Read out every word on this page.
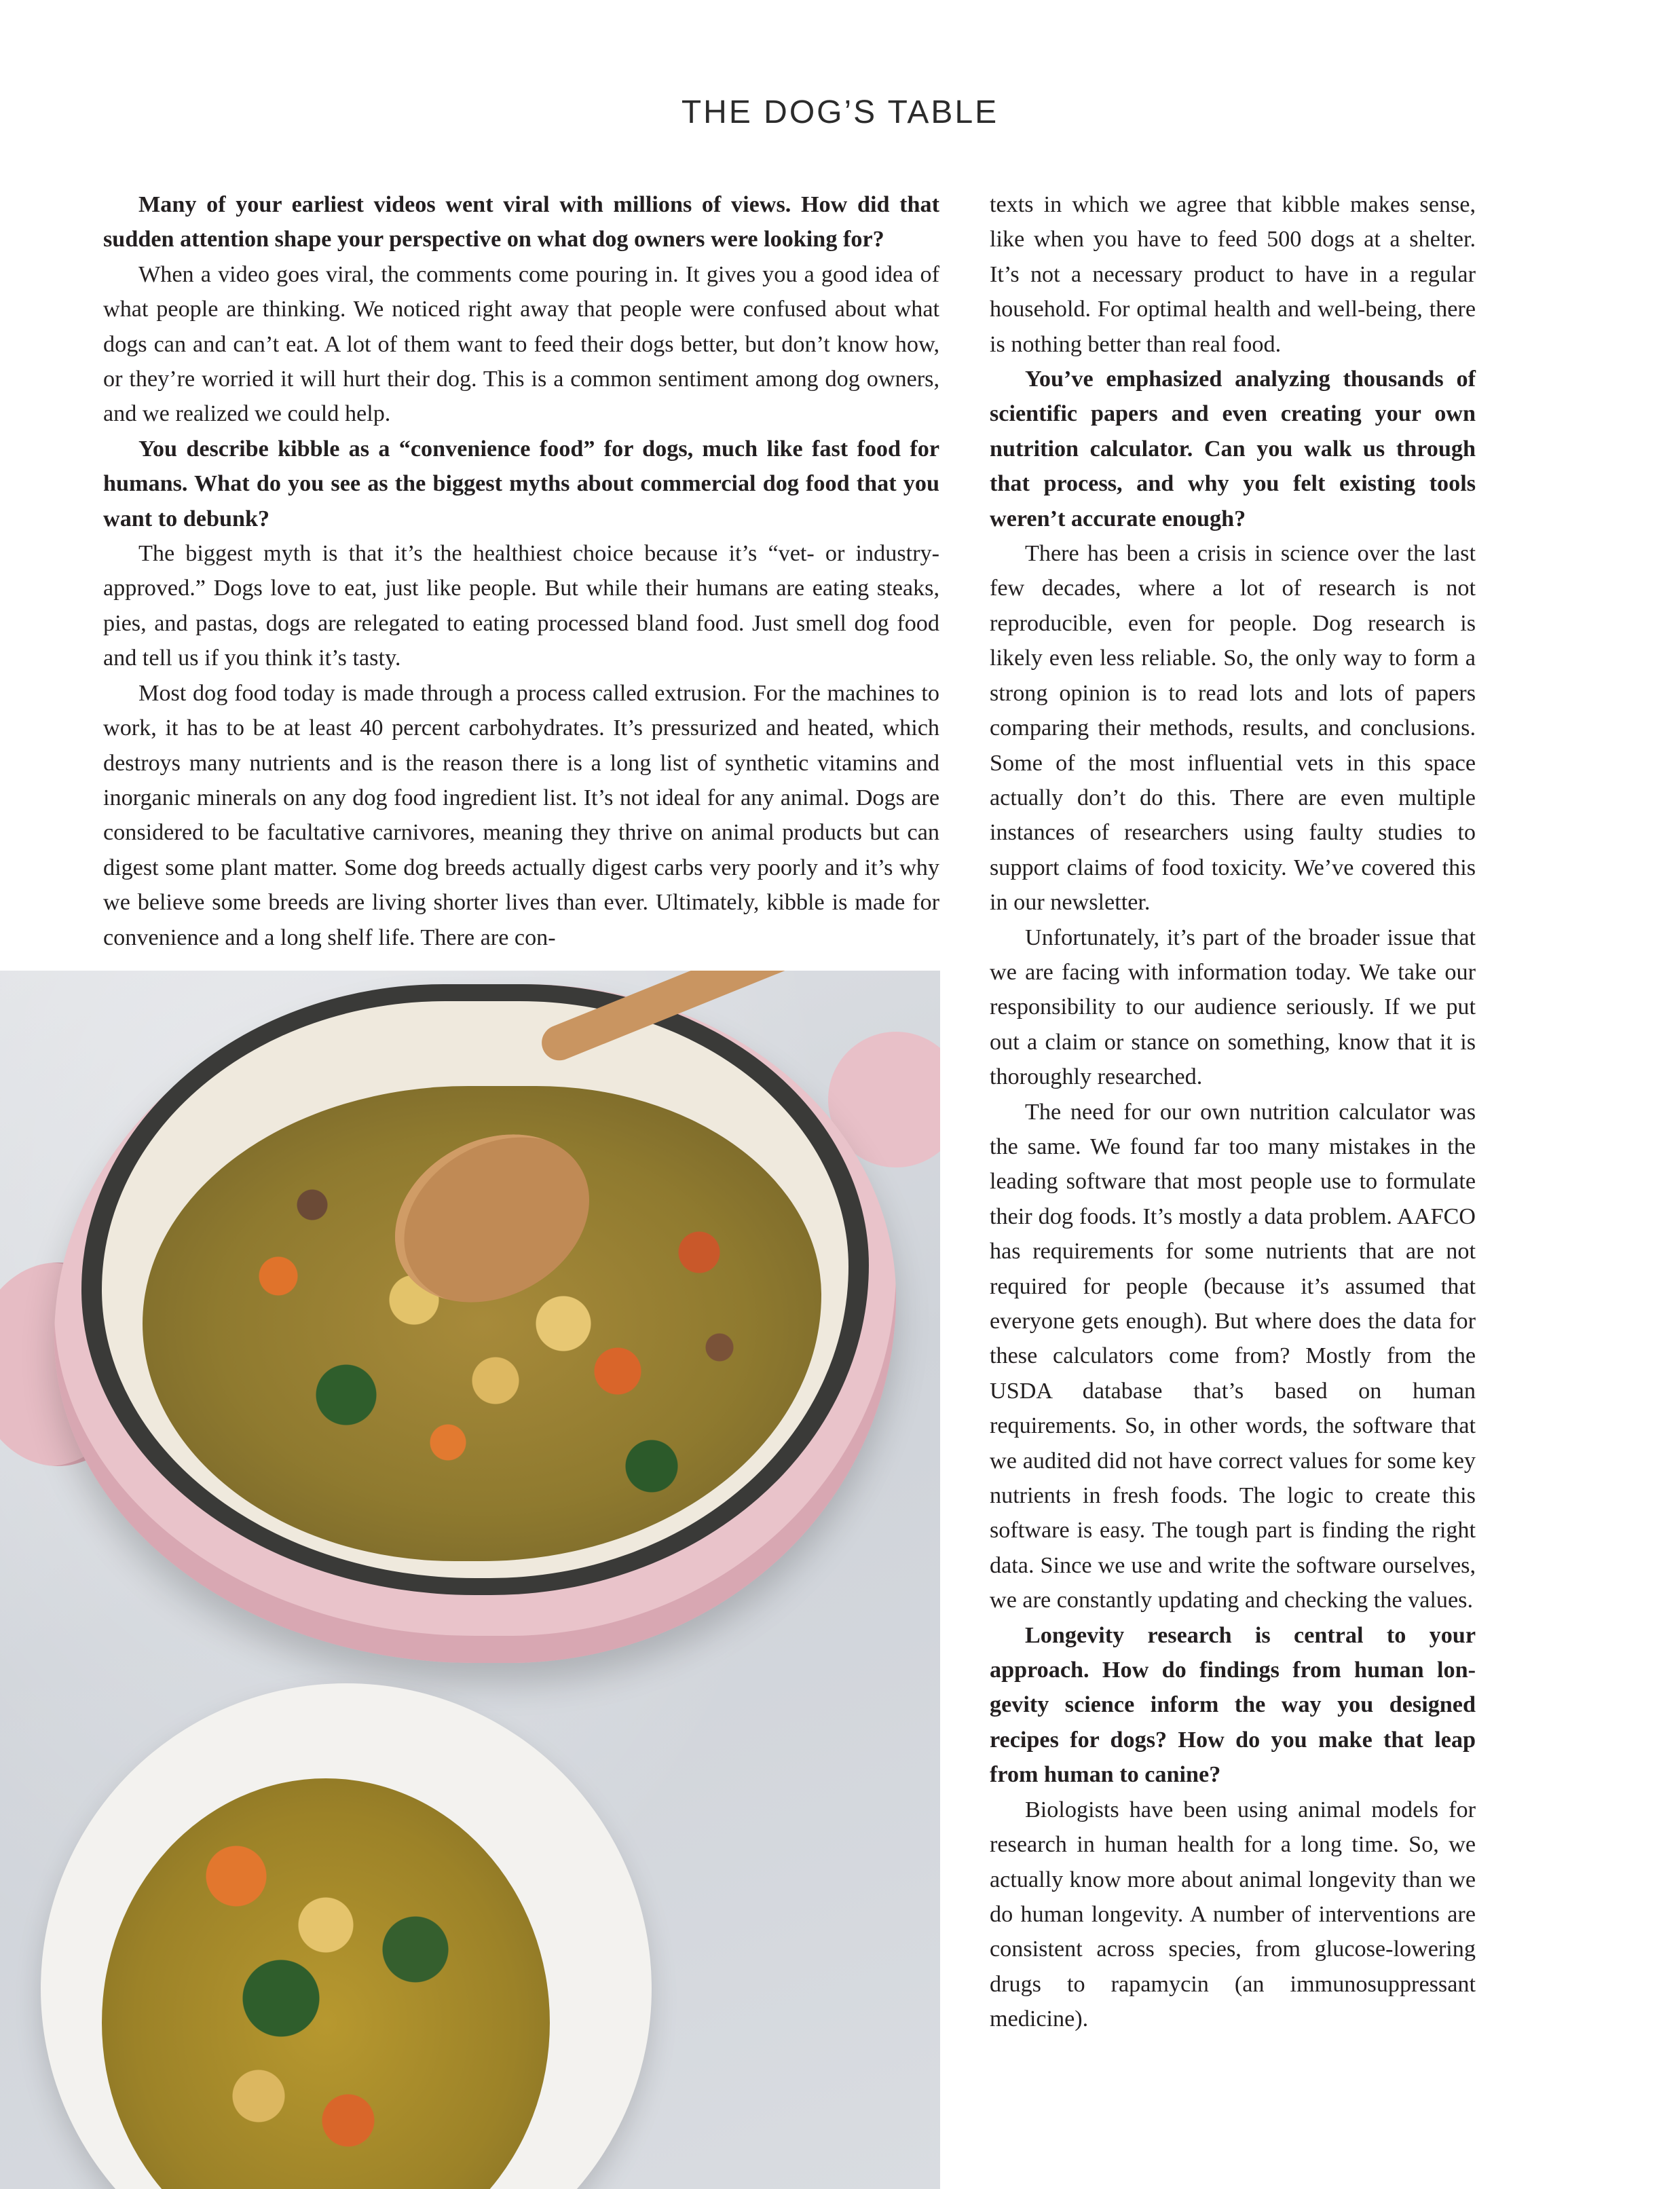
THE DOG’S TABLE

Many of your earliest videos went viral with millions of views. How did that sudden attention shape your perspective on what dog owners were looking for?

When a video goes viral, the comments come pouring in. It gives you a good idea of what people are thinking. We noticed right away that people were confused about what dogs can and can’t eat. A lot of them want to feed their dogs better, but don’t know how, or they’re worried it will hurt their dog. This is a common sentiment among dog owners, and we realized we could help.

You describe kibble as a “convenience food” for dogs, much like fast food for humans. What do you see as the biggest myths about commercial dog food that you want to debunk?

The biggest myth is that it’s the healthiest choice because it’s “vet- or industry-approved.” Dogs love to eat, just like people. But while their humans are eating steaks, pies, and pastas, dogs are relegated to eating processed bland food. Just smell dog food and tell us if you think it’s tasty.

Most dog food today is made through a process called extrusion. For the machines to work, it has to be at least 40 percent carbohydrates. It’s pressurized and heated, which destroys many nutrients and is the reason there is a long list of synthetic vitamins and inorganic minerals on any dog food ingredient list. It’s not ideal for any animal. Dogs are considered to be facultative carnivores, meaning they thrive on animal products but can digest some plant matter. Some dog breeds actually digest carbs very poorly and it’s why we believe some breeds are living shorter lives than ever. Ultimately, kibble is made for convenience and a long shelf life. There are con-

texts in which we agree that kibble makes sense, like when you have to feed 500 dogs at a shelter. It’s not a necessary product to have in a regular household. For optimal health and well-being, there is nothing better than real food.

You’ve emphasized analyzing thousands of scientific papers and even creating your own nutrition calculator. Can you walk us through that process, and why you felt existing tools weren’t accurate enough?

There has been a crisis in science over the last few decades, where a lot of research is not reproducible, even for people. Dog research is likely even less reliable. So, the only way to form a strong opinion is to read lots and lots of papers comparing their methods, results, and conclusions. Some of the most influential vets in this space actually don’t do this. There are even multiple instances of researchers using faulty studies to support claims of food toxicity. We’ve covered this in our newsletter.

Unfortunately, it’s part of the broader issue that we are facing with information today. We take our responsibility to our audience seriously. If we put out a claim or stance on something, know that it is thoroughly researched.

The need for our own nutrition calculator was the same. We found far too many mistakes in the leading software that most people use to formulate their dog foods. It’s mostly a data problem. AAFCO has requirements for some nutrients that are not required for people (because it’s assumed that everyone gets enough). But where does the data for these calculators come from? Mostly from the USDA database that’s based on human requirements. So, in other words, the software that we audited did not have correct values for some key nutrients in fresh foods. The logic to create this software is easy. The tough part is finding the right data. Since we use and write the software ourselves, we are constantly updating and checking the values.

Longevity research is central to your approach. How do findings from human longevity science inform the way you designed recipes for dogs? How do you make that leap from human to canine?

Biologists have been using animal models for research in human health for a long time. So, we actually know more about animal longevity than we do human longevity. A number of interventions are consistent across species, from glucose-lowering drugs to rapamycin (an immunosuppressant medicine).
